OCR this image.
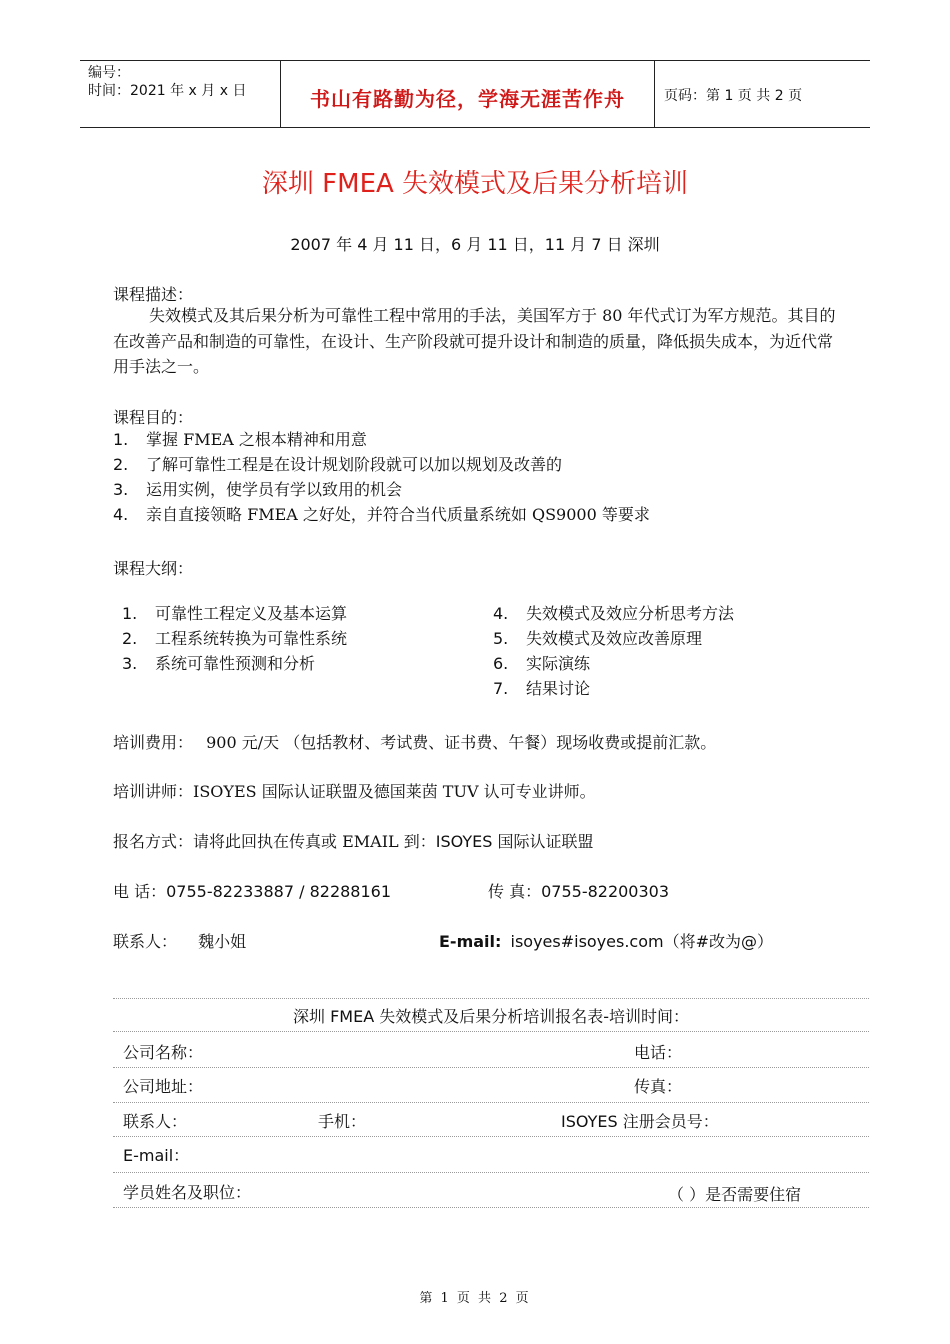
编号：
时间：2021 年 x 月 x 日	书山有路勤为径，学海无涯苦作舟	页码：第 1 页 共 2 页
深圳 FMEA 失效模式及后果分析培训
2007 年 4 月 11 日，6 月 11 日，11 月 7 日 深圳
课程描述：
失效模式及其后果分析为可靠性工程中常用的手法，美国军方于 80 年代式订为军方规范。其目的在改善产品和制造的可靠性，在设计、生产阶段就可提升设计和制造的质量，降低损失成本，为近代常用手法之一。
课程目的：
1. 掌握 FMEA 之根本精神和用意
2. 了解可靠性工程是在设计规划阶段就可以加以规划及改善的
3. 运用实例，使学员有学以致用的机会
4. 亲自直接领略 FMEA 之好处，并符合当代质量系统如 QS9000 等要求
课程大纲：
1. 可靠性工程定义及基本运算
2. 工程系统转换为可靠性系统
3. 系统可靠性预测和分析
4. 失效模式及效应分析思考方法
5. 失效模式及效应改善原理
6. 实际演练
7. 结果讨论
培训费用： 900 元/天 （包括教材、考试费、证书费、午餐）现场收费或提前汇款。
培训讲师：ISOYES 国际认证联盟及德国莱茵 TUV 认可专业讲师。
报名方式：请将此回执在传真或 EMAIL 到：ISOYES 国际认证联盟
电 话：0755-82233887 / 82288161	传 真：0755-82200303
联系人： 魏小姐	E-mail: isoyes#isoyes.com（将#改为@）
深圳 FMEA 失效模式及后果分析培训报名表-培训时间：
公司名称：	电话：
公司地址：	传真：
联系人：	手机：	ISOYES 注册会员号：
E-mail：
学员姓名及职位：	（ ）是否需要住宿
第 1 页 共 2 页
